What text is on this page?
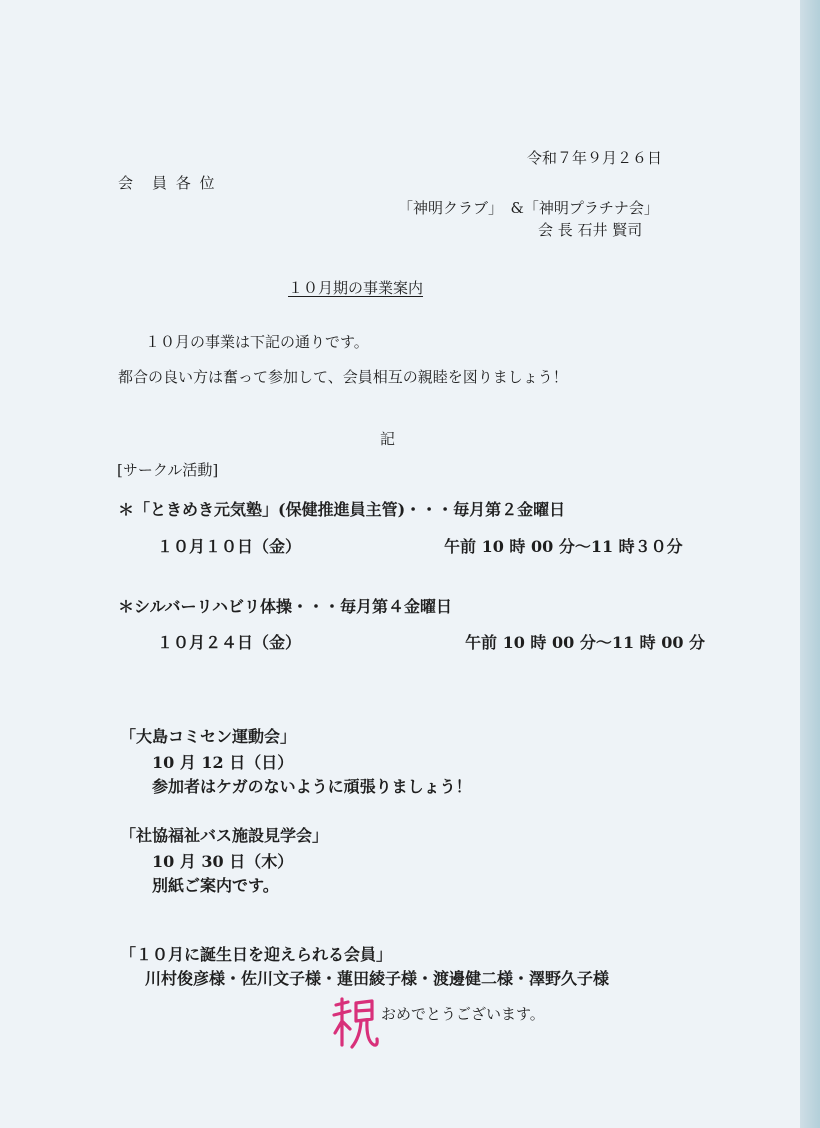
令和７年９月２６日
会　員 各 位
「神明クラブ」　&「神明プラチナ会」
会 長 石井 賢司
１０月期の事業案内
１０月の事業は下記の通りです。
都合の良い方は奮って参加して、会員相互の親睦を図りましょう！
記
[サークル活動]
＊「ときめき元気塾」(保健推進員主管)・・・毎月第２金曜日
１０月１０日（金）	午前 10 時 00 分～11 時３０分
＊シルバーリハビリ体操・・・毎月第４金曜日
１０月２４日（金）	午前 10 時 00 分～11 時 00 分
「大島コミセン運動会」
10 月 12 日（日）
参加者はケガのないように頑張りましょう！
「社協福祉バス施設見学会」
10 月 30 日（木）
別紙ご案内です。
「１０月に誕生日を迎えられる会員」
川村俊彦様・佐川文子様・蓮田綾子様・渡邊健二様・澤野久子様
おめでとうございます。
